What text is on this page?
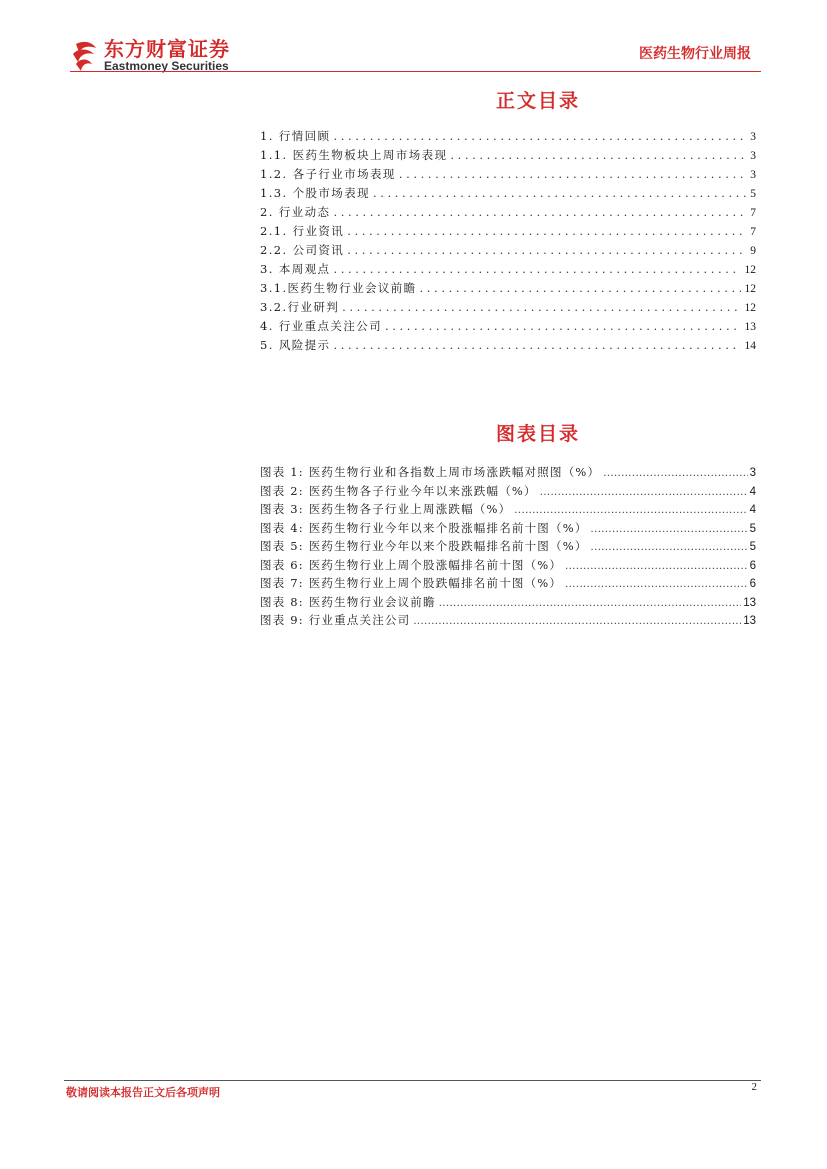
东方财富证券
Eastmoney Securities
医药生物行业周报
正文目录
1. 行情回顾 .....	3
1.1. 医药生物板块上周市场表现 .....	3
1.2. 各子行业市场表现 .....	3
1.3. 个股市场表现 .....	5
2. 行业动态 .....	7
2.1. 行业资讯 .....	7
2.2. 公司资讯 .....	9
3. 本周观点 .....	12
3.1.医药生物行业会议前瞻 .....	12
3.2.行业研判 .....	12
4. 行业重点关注公司 .....	13
5. 风险提示 .....	14
图表目录
图表 1: 医药生物行业和各指数上周市场涨跌幅对照图（%） .....	3
图表 2: 医药生物各子行业今年以来涨跌幅（%） .....	4
图表 3: 医药生物各子行业上周涨跌幅（%） .....	4
图表 4: 医药生物行业今年以来个股涨幅排名前十图（%） .....	5
图表 5: 医药生物行业今年以来个股跌幅排名前十图（%） .....	5
图表 6: 医药生物行业上周个股涨幅排名前十图（%） .....	6
图表 7: 医药生物行业上周个股跌幅排名前十图（%） .....	6
图表 8: 医药生物行业会议前瞻 .....	13
图表 9: 行业重点关注公司 .....	13
敬请阅读本报告正文后各项声明	2
